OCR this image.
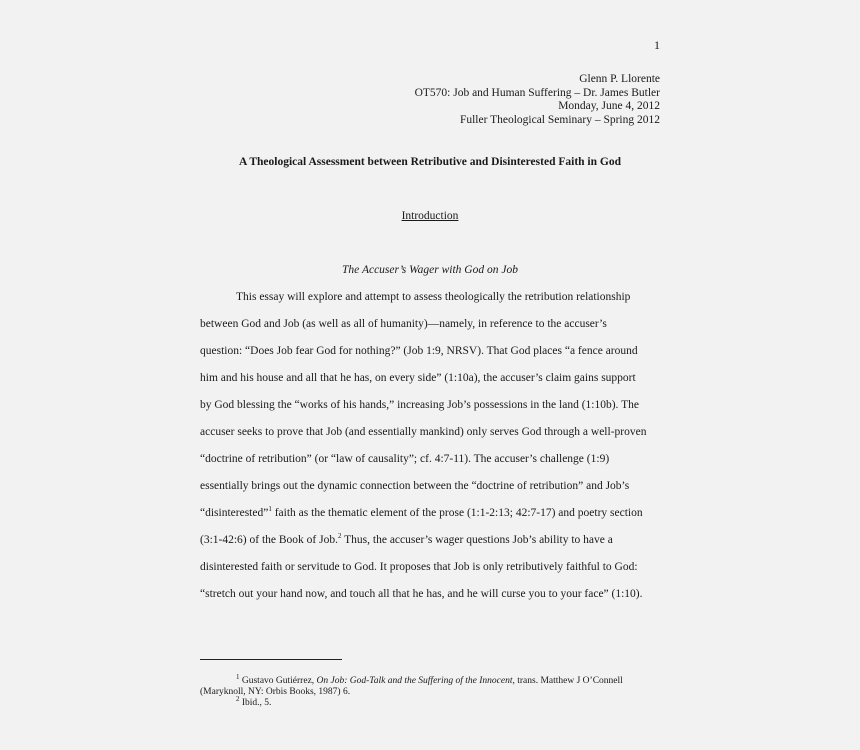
1
Glenn P. Llorente
OT570: Job and Human Suffering – Dr. James Butler
Monday, June 4, 2012
Fuller Theological Seminary – Spring 2012
A Theological Assessment between Retributive and Disinterested Faith in God
Introduction
The Accuser’s Wager with God on Job
This essay will explore and attempt to assess theologically the retribution relationship
between God and Job (as well as all of humanity)—namely, in reference to the accuser’s
question: “Does Job fear God for nothing?” (Job 1:9, NRSV). That God places “a fence around
him and his house and all that he has, on every side” (1:10a), the accuser’s claim gains support
by God blessing the “works of his hands,” increasing Job’s possessions in the land (1:10b). The
accuser seeks to prove that Job (and essentially mankind) only serves God through a well-proven
“doctrine of retribution” (or “law of causality”; cf. 4:7-11). The accuser’s challenge (1:9)
essentially brings out the dynamic connection between the “doctrine of retribution” and Job’s
“disinterested”$^1$ faith as the thematic element of the prose (1:1-2:13; 42:7-17) and poetry section
(3:1-42:6) of the Book of Job.$^2$ Thus, the accuser’s wager questions Job’s ability to have a
disinterested faith or servitude to God. It proposes that Job is only retributively faithful to God:
“stretch out your hand now, and touch all that he has, and he will curse you to your face” (1:10).
$^1$ Gustavo Gutiérrez, On Job: God-Talk and the Suffering of the Innocent, trans. Matthew J O’Connell
(Maryknoll, NY: Orbis Books, 1987) 6.
$^2$ Ibid., 5.
